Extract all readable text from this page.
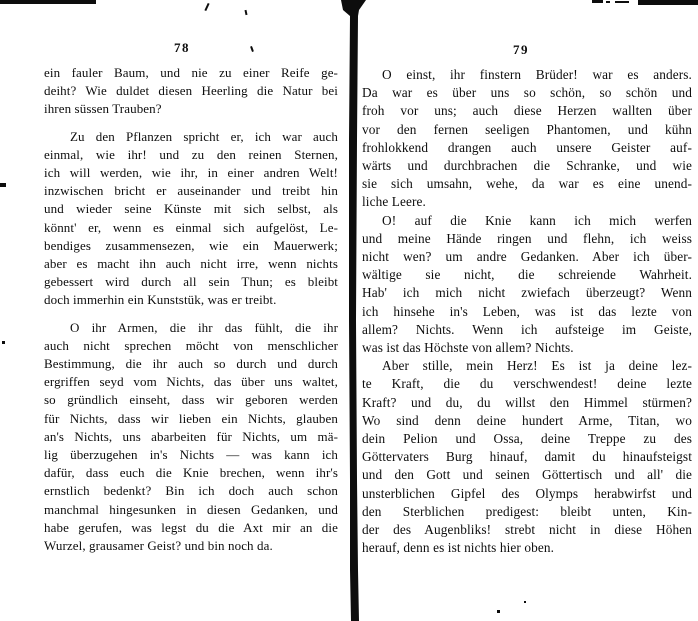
78
ein fauler Baum, und nie zu einer Reife ge-
deiht? Wie duldet diesen Heerling die Natur bei
ihren süssen Trauben?
Zu den Pflanzen spricht er, ich war auch
einmal, wie ihr! und zu den reinen Sternen,
ich will werden, wie ihr, in einer andren Welt!
inzwischen bricht er auseinander und treibt hin
und wieder seine Künste mit sich selbst, als
könnt' er, wenn es einmal sich aufgelöst, Le-
bendiges zusammensezen, wie ein Mauerwerk;
aber es macht ihn auch nicht irre, wenn nichts
gebessert wird durch all sein Thun; es bleibt
doch immerhin ein Kunststük, was er treibt.
O ihr Armen, die ihr das fühlt, die ihr
auch nicht sprechen möcht von menschlicher
Bestimmung, die ihr auch so durch und durch
ergriffen seyd vom Nichts, das über uns waltet,
so gründlich einseht, dass wir geboren werden
für Nichts, dass wir lieben ein Nichts, glauben
an's Nichts, uns abarbeiten für Nichts, um mä-
lig überzugehen in's Nichts — was kann ich
dafür, dass euch die Knie brechen, wenn ihr's
ernstlich bedenkt? Bin ich doch auch schon
manchmal hingesunken in diesen Gedanken, und
habe gerufen, was legst du die Axt mir an die
Wurzel, grausamer Geist? und bin noch da.
79
O einst, ihr finstern Brüder! war es anders.
Da war es über uns so schön, so schön und
froh vor uns; auch diese Herzen wallten über
vor den fernen seeligen Phantomen, und kühn
frohlokkend drangen auch unsere Geister auf-
wärts und durchbrachen die Schranke, und wie
sie sich umsahn, wehe, da war es eine unend-
liche Leere.
O! auf die Knie kann ich mich werfen
und meine Hände ringen und flehn, ich weiss
nicht wen? um andre Gedanken. Aber ich über-
wältige sie nicht, die schreiende Wahrheit.
Hab' ich mich nicht zwiefach überzeugt? Wenn
ich hinsehe in's Leben, was ist das lezte von
allem? Nichts. Wenn ich aufsteige im Geiste,
was ist das Höchste von allem? Nichts.
Aber stille, mein Herz! Es ist ja deine lez-
te Kraft, die du verschwendest! deine lezte
Kraft? und du, du willst den Himmel stürmen?
Wo sind denn deine hundert Arme, Titan, wo
dein Pelion und Ossa, deine Treppe zu des
Göttervaters Burg hinauf, damit du hinaufsteigst
und den Gott und seinen Göttertisch und all' die
unsterblichen Gipfel des Olymps herabwirfst und
den Sterblichen predigest: bleibt unten, Kin-
der des Augenbliks! strebt nicht in diese Höhen
herauf, denn es ist nichts hier oben.
